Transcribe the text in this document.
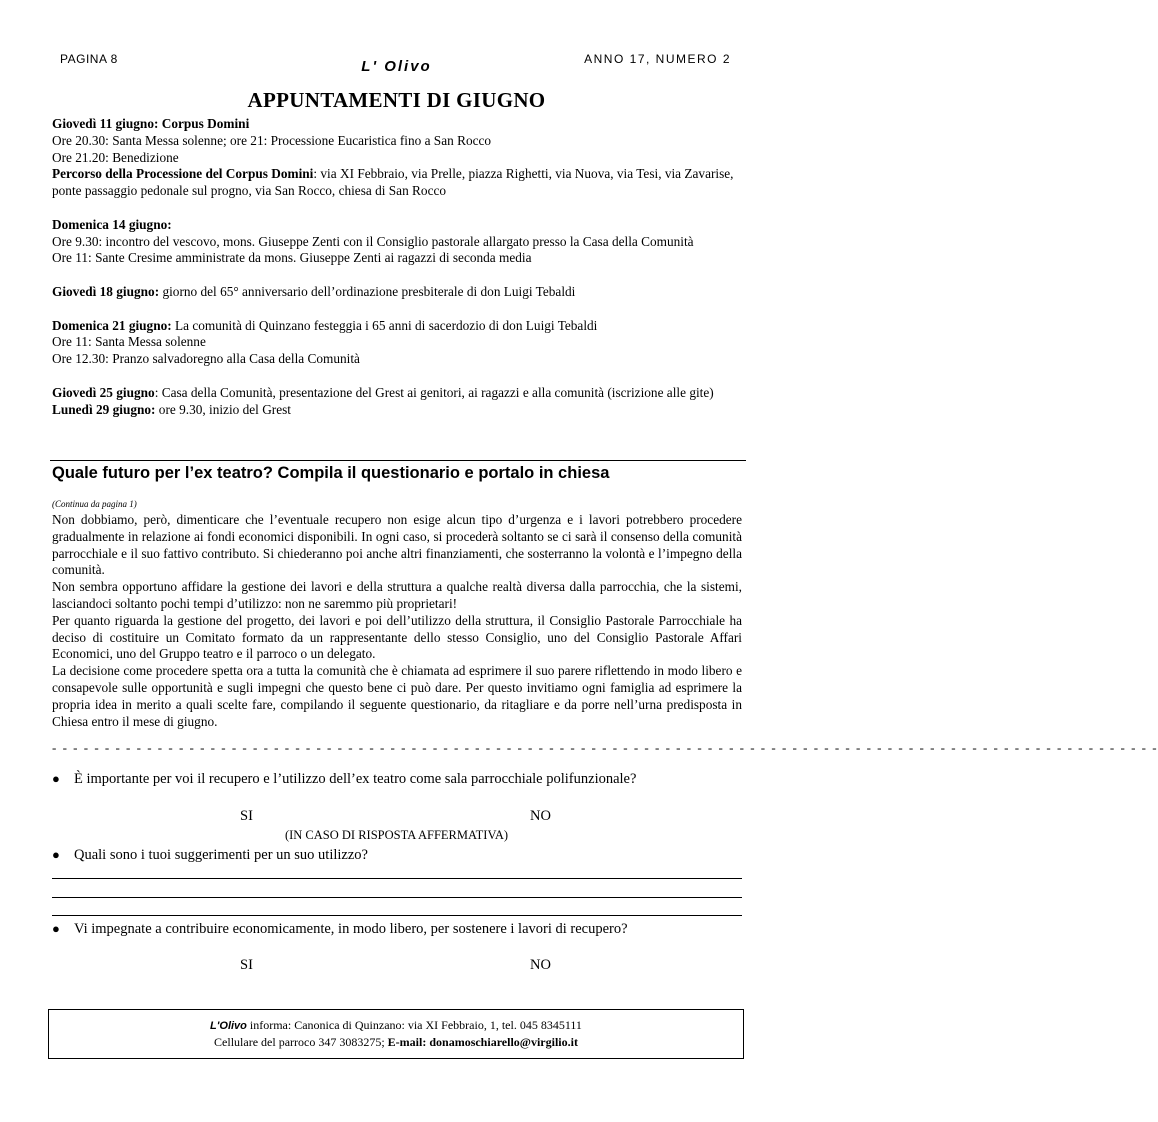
PAGINA 8	L' Olivo	ANNO 17, NUMERO 2
APPUNTAMENTI DI GIUGNO

Giovedì 11 giugno: Corpus Domini

Ore 20.30: Santa Messa solenne; ore 21: Processione Eucaristica fino a San Rocco

Ore 21.20: Benedizione

Percorso della Processione del Corpus Domini: via XI Febbraio, via Prelle, piazza Righetti, via Nuova, via Tesi, via Zavarise, ponte passaggio pedonale sul progno, via San Rocco, chiesa di San Rocco

Domenica 14 giugno:

Ore 9.30: incontro del vescovo, mons. Giuseppe Zenti con il Consiglio pastorale allargato presso la Casa della Comunità

Ore 11: Sante Cresime amministrate da mons. Giuseppe Zenti ai ragazzi di seconda media

Giovedì 18 giugno: giorno del 65° anniversario dell’ordinazione presbiterale di don Luigi Tebaldi

Domenica 21 giugno: La comunità di Quinzano festeggia i 65 anni di sacerdozio di don Luigi Tebaldi

Ore 11: Santa Messa solenne

Ore 12.30: Pranzo salvadoregno alla Casa della Comunità

Giovedì 25 giugno: Casa della Comunità, presentazione del Grest ai genitori, ai ragazzi e alla comunità (iscrizione alle gite)

Lunedì 29 giugno: ore 9.30, inizio del Grest

Quale futuro per l’ex teatro? Compila il questionario e portalo in chiesa
(Continua da pagina 1)

Non dobbiamo, però, dimenticare che l’eventuale recupero non esige alcun tipo d’urgenza e i lavori potrebbero procedere gradualmente in relazione ai fondi economici disponibili. In ogni caso, si procederà soltanto se ci sarà il consenso della comunità parrocchiale e il suo fattivo contributo. Si chiederanno poi anche altri finanziamenti, che sosterranno la volontà e l’impegno della comunità.

Non sembra opportuno affidare la gestione dei lavori e della struttura a qualche realtà diversa dalla parrocchia, che la sistemi, lasciandoci soltanto pochi tempi d’utilizzo: non ne saremmo più proprietari!

Per quanto riguarda la gestione del progetto, dei lavori e poi dell’utilizzo della struttura, il Consiglio Pastorale Parrocchiale ha deciso di costituire un Comitato formato da un rappresentante dello stesso Consiglio, uno del Consiglio Pastorale Affari Economici, uno del Gruppo teatro e il parroco o un delegato.

La decisione come procedere spetta ora a tutta la comunità che è chiamata ad esprimere il suo parere riflettendo in modo libero e consapevole sulle opportunità e sugli impegni che questo bene ci può dare. Per questo invitiamo ogni famiglia ad esprimere la propria idea in merito a quali scelte fare, compilando il seguente questionario, da ritagliare e da porre nell’urna predisposta in Chiesa entro il mese di giugno.

- - - - - - - - - - - - - - - - - - - - - - - - - - - - - - - - - - - - - - - - - - - - - - - - - - - - - - - - - - - - - - - - - - - - - - - - - - - - - - - - - - - - - - - - - - - - - - - - - - - - - - - - -
● È importante per voi il recupero e l’utilizzo dell’ex teatro come sala parrocchiale polifunzionale?
SI	NO
(IN CASO DI RISPOSTA AFFERMATIVA)
● Quali sono i tuoi suggerimenti per un suo utilizzo?
● Vi impegnate a contribuire economicamente, in modo libero, per sostenere i lavori di recupero?
SI	NO
L'Olivo informa: Canonica di Quinzano: via XI Febbraio, 1, tel. 045 8345111
Cellulare del parroco 347 3083275; E-mail: donamoschiarello@virgilio.it
